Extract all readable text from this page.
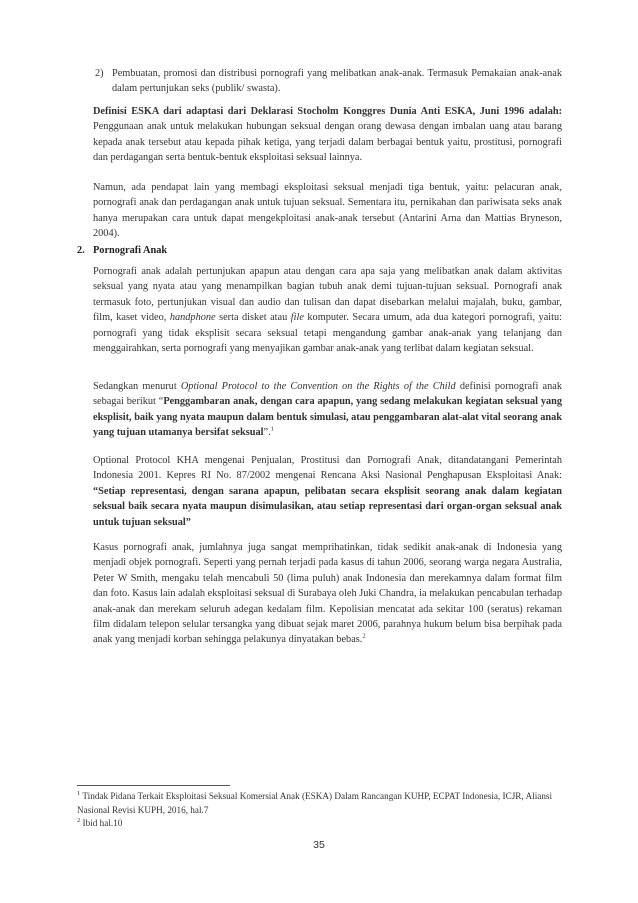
2) Pembuatan, promosi dan distribusi pornografi yang melibatkan anak-anak. Termasuk Pemakaian anak-anak dalam pertunjukan seks (publik/ swasta).

Definisi ESKA dari adaptasi dari Deklarasi Stocholm Konggres Dunia Anti ESKA, Juni 1996 adalah: Penggunaan anak untuk melakukan hubungan seksual dengan orang dewasa dengan imbalan uang atau barang kepada anak tersebut atau kepada pihak ketiga, yang terjadi dalam berbagai bentuk yaitu, prostitusi, pornografi dan perdagangan serta bentuk-bentuk eksploitasi seksual lainnya.

Namun, ada pendapat lain yang membagi eksploitasi seksual menjadi tiga bentuk, yaitu: pelacuran anak, pornografi anak dan perdagangan anak untuk tujuan seksual. Sementara itu, pernikahan dan pariwisata seks anak hanya merupakan cara untuk dapat mengekploitasi anak-anak tersebut (Antarini Arna dan Mattias Bryneson, 2004).

2. Pornografi Anak

Pornografi anak adalah pertunjukan apapun atau dengan cara apa saja yang melibatkan anak dalam aktivitas seksual yang nyata atau yang menampilkan bagian tubuh anak demi tujuan-tujuan seksual. Pornografi anak termasuk foto, pertunjukan visual dan audio dan tulisan dan dapat disebarkan melalui majalah, buku, gambar, film, kaset video, handphone serta disket atau file komputer. Secara umum, ada dua kategori pornografi, yaitu: pornografi yang tidak eksplisit secara seksual tetapi mengandung gambar anak-anak yang telanjang dan menggairahkan, serta pornografi yang menyajikan gambar anak-anak yang terlibat dalam kegiatan seksual.

Sedangkan menurut Optional Protocol to the Convention on the Rights of the Child definisi pornografi anak sebagai berikut “Penggambaran anak, dengan cara apapun, yang sedang melakukan kegiatan seksual yang eksplisit, baik yang nyata maupun dalam bentuk simulasi, atau penggambaran alat-alat vital seorang anak yang tujuan utamanya bersifat seksual”.$^1$

Optional Protocol KHA mengenai Penjualan, Prostitusi dan Pornografi Anak, ditandatangani Pemerintah Indonesia 2001. Kepres RI No. 87/2002 mengenai Rencana Aksi Nasional Penghapusan Eksploitasi Anak: “Setiap representasi, dengan sarana apapun, pelibatan secara eksplisit seorang anak dalam kegiatan seksual baik secara nyata maupun disimulasikan, atau setiap representasi dari organ-organ seksual anak untuk tujuan seksual”

Kasus pornografi anak, jumlahnya juga sangat memprihatinkan, tidak sedikit anak-anak di Indonesia yang menjadi objek pornografi. Seperti yang pernah terjadi pada kasus di tahun 2006, seorang warga negara Australia, Peter W Smith, mengaku telah mencabuli 50 (lima puluh) anak Indonesia dan merekamnya dalam format film dan foto. Kasus lain adalah eksploitasi seksual di Surabaya oleh Juki Chandra, ia melakukan pencabulan terhadap anak-anak dan merekam seluruh adegan kedalam film. Kepolisian mencatat ada sekitar 100 (seratus) rekaman film didalam telepon selular tersangka yang dibuat sejak maret 2006, parahnya hukum belum bisa berpihak pada anak yang menjadi korban sehingga pelakunya dinyatakan bebas.$^2$

$^1$ Tindak Pidana Terkait Eksploitasi Seksual Komersial Anak (ESKA) Dalam Rancangan KUHP, ECPAT Indonesia, ICJR, Aliansi Nasional Revisi KUPH, 2016, hal.7

$^2$ Ibid hal.10

35
